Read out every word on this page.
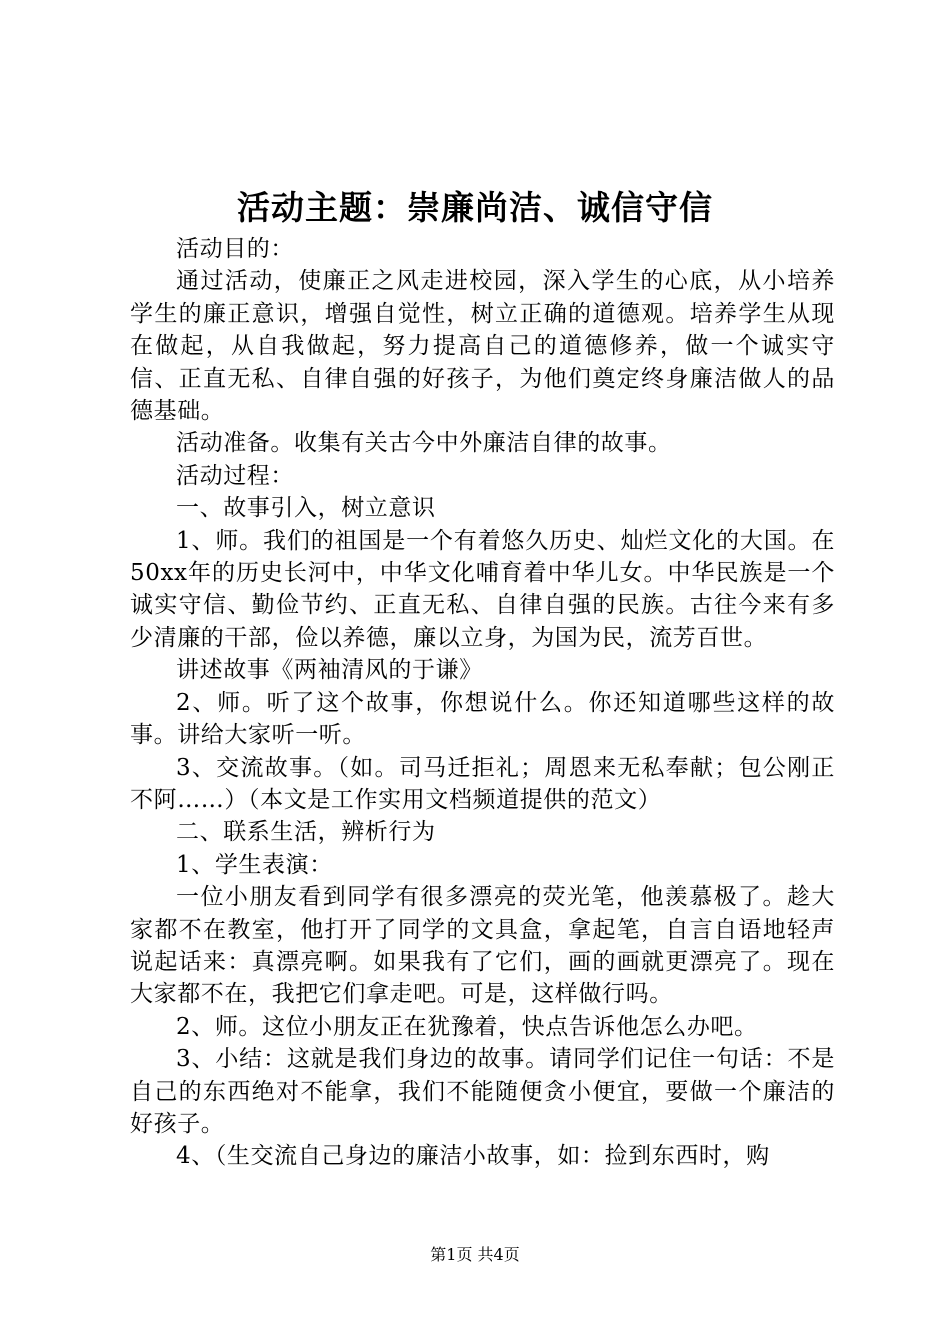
活动主题：崇廉尚洁、诚信守信

活动目的：

通过活动，使廉正之风走进校园，深入学生的心底，从小培养学生的廉正意识，增强自觉性，树立正确的道德观。培养学生从现在做起，从自我做起，努力提高自己的道德修养，做一个诚实守信、正直无私、自律自强的好孩子，为他们奠定终身廉洁做人的品德基础。

活动准备。收集有关古今中外廉洁自律的故事。

活动过程：

一、故事引入，树立意识

1、师。我们的祖国是一个有着悠久历史、灿烂文化的大国。在50xx年的历史长河中，中华文化哺育着中华儿女。中华民族是一个诚实守信、勤俭节约、正直无私、自律自强的民族。古往今来有多少清廉的干部，俭以养德，廉以立身，为国为民，流芳百世。

讲述故事《两袖清风的于谦》

2、师。听了这个故事，你想说什么。你还知道哪些这样的故事。讲给大家听一听。

3、交流故事。（如。司马迁拒礼；周恩来无私奉献；包公刚正不阿……）（本文是工作实用文档频道提供的范文）

二、联系生活，辨析行为

1、学生表演：

一位小朋友看到同学有很多漂亮的荧光笔，他羡慕极了。趁大家都不在教室，他打开了同学的文具盒，拿起笔，自言自语地轻声说起话来：真漂亮啊。如果我有了它们，画的画就更漂亮了。现在大家都不在，我把它们拿走吧。可是，这样做行吗。

2、师。这位小朋友正在犹豫着，快点告诉他怎么办吧。

3、小结：这就是我们身边的故事。请同学们记住一句话：不是自己的东西绝对不能拿，我们不能随便贪小便宜，要做一个廉洁的好孩子。

4、（生交流自己身边的廉洁小故事，如：捡到东西时，购

第1页 共4页
